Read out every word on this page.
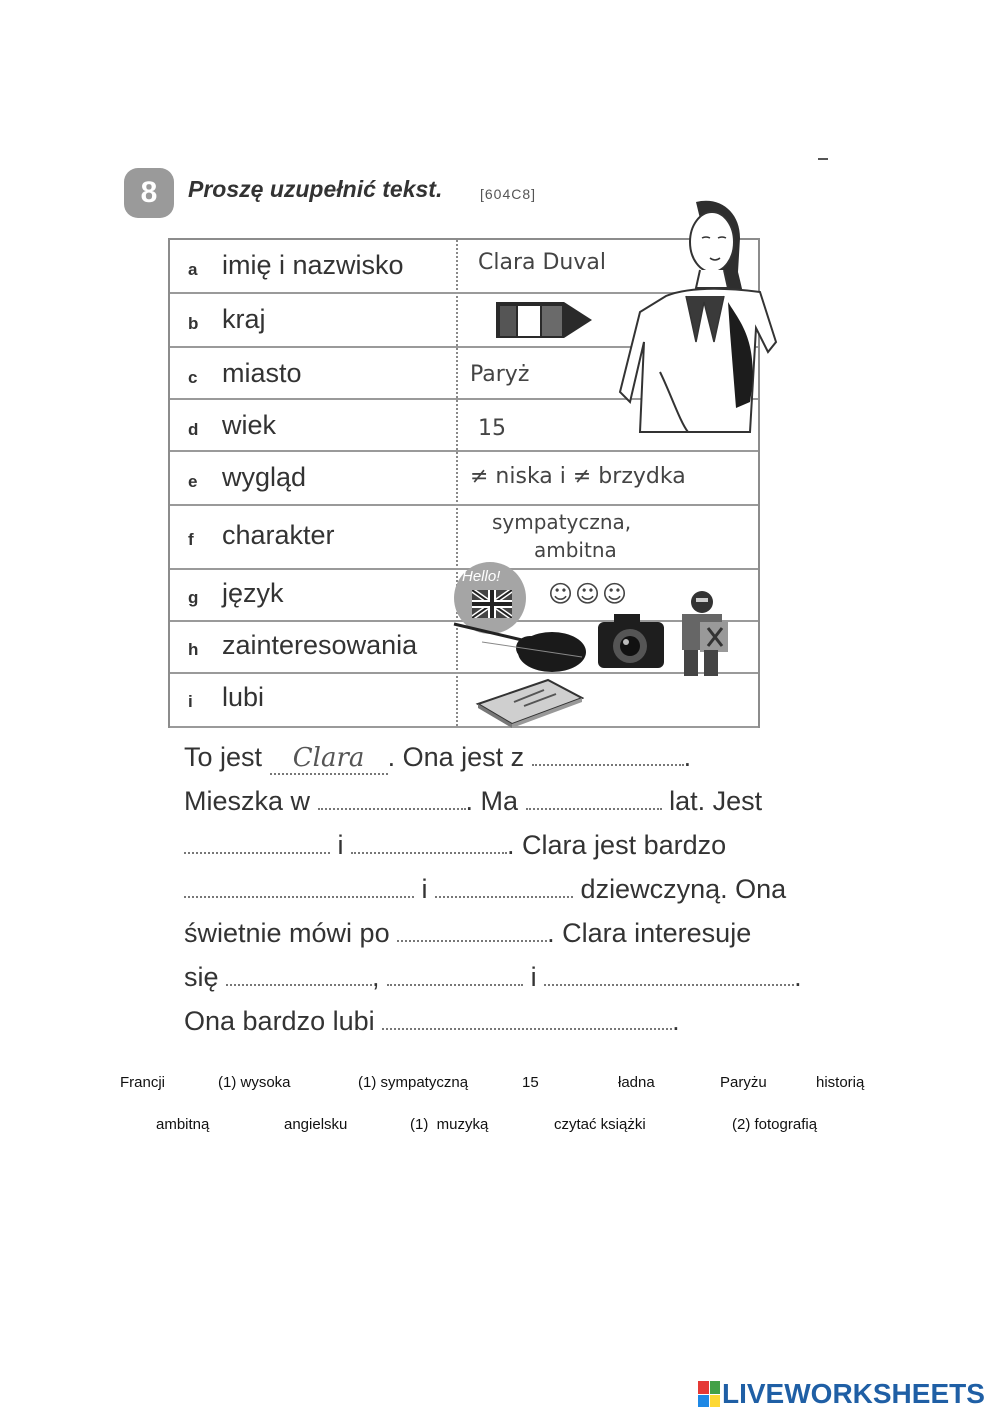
8 Proszę uzupełnić tekst.	[604C8]
a imię i nazwisko	Clara Duval
b kraj
c miasto	Paryż
d wiek	15
e wygląd	≠ niska i ≠ brzydka
f charakter	sympatyczna,
ambitna
g język	☺☺☺
h zainteresowania
i lubi
Hello!
To jest Clara . Ona jest z	.
Mieszka w	. Ma	lat. Jest
i	. Clara jest bardzo
i	dziewczyną. Ona
świetnie mówi po	. Clara interesuje
się	,	i	.
Ona bardzo lubi	.
Francji	(1) wysoka	(1) sympatyczną	15	ładna	Paryżu	historią
ambitną	angielsku	(1)  muzyką	czytać książki	(2) fotografią
LIVEWORKSHEETS
